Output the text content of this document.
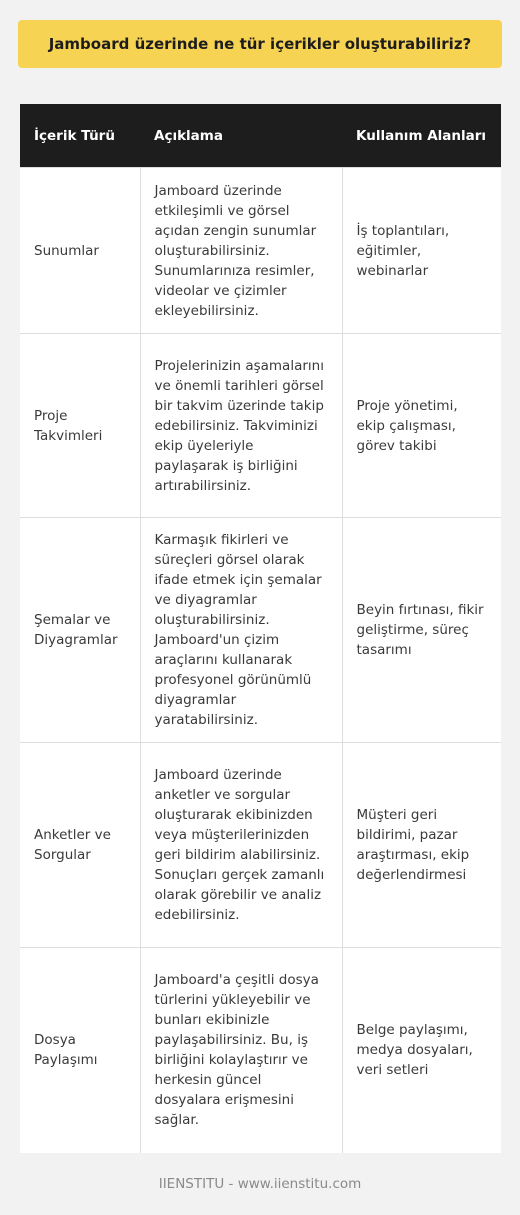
Jamboard üzerinde ne tür içerikler oluşturabiliriz?
İçerik Türü	Açıklama	Kullanım Alanları
Sunumlar	Jamboard üzerinde etkileşimli ve görsel açıdan zengin sunumlar oluşturabilirsiniz. Sunumlarınıza resimler, videolar ve çizimler ekleyebilirsiniz.	İş toplantıları, eğitimler, webinarlar
Proje Takvimleri	Projelerinizin aşamalarını ve önemli tarihleri görsel bir takvim üzerinde takip edebilirsiniz. Takviminizi ekip üyeleriyle paylaşarak iş birliğini artırabilirsiniz.	Proje yönetimi, ekip çalışması, görev takibi
Şemalar ve Diyagramlar	Karmaşık fikirleri ve süreçleri görsel olarak ifade etmek için şemalar ve diyagramlar oluşturabilirsiniz. Jamboard'un çizim araçlarını kullanarak profesyonel görünümlü diyagramlar yaratabilirsiniz.	Beyin fırtınası, fikir geliştirme, süreç tasarımı
Anketler ve Sorgular	Jamboard üzerinde anketler ve sorgular oluşturarak ekibinizden veya müşterilerinizden geri bildirim alabilirsiniz. Sonuçları gerçek zamanlı olarak görebilir ve analiz edebilirsiniz.	Müşteri geri bildirimi, pazar araştırması, ekip değerlendirmesi
Dosya Paylaşımı	Jamboard'a çeşitli dosya türlerini yükleyebilir ve bunları ekibinizle paylaşabilirsiniz. Bu, iş birliğini kolaylaştırır ve herkesin güncel dosyalara erişmesini sağlar.	Belge paylaşımı, medya dosyaları, veri setleri
IIENSTITU - www.iienstitu.com
